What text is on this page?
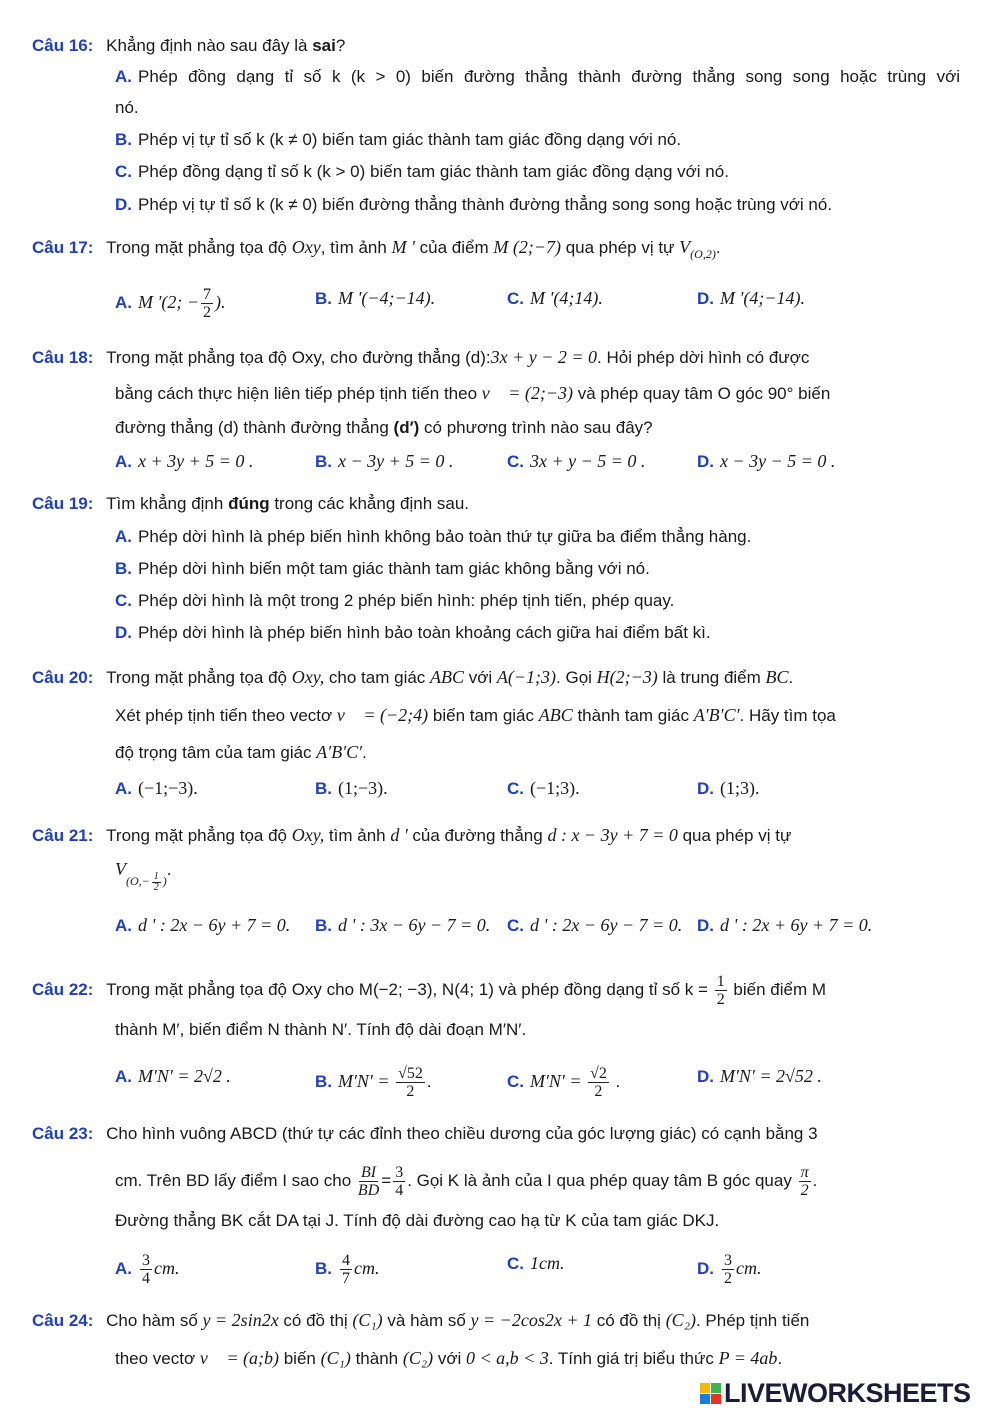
Câu 16: Khẳng định nào sau đây là sai?
A. Phép đồng dạng tỉ số k (k > 0) biến đường thẳng thành đường thẳng song song hoặc trùng với
nó.
B. Phép vị tự tỉ số k (k ≠ 0) biến tam giác thành tam giác đồng dạng với nó.
C. Phép đồng dạng tỉ số k (k > 0) biến tam giác thành tam giác đồng dạng với nó.
D. Phép vị tự tỉ số k (k ≠ 0) biến đường thẳng thành đường thẳng song song hoặc trùng với nó.
Câu 17: Trong mặt phẳng tọa độ Oxy, tìm ảnh M ' của điểm M (2;−7) qua phép vị tự $V_{(O,2)}$.
A. M '(2; − $\frac{7}{2}$ ).	B. M '(−4;−14).	C. M '(4;14).	D. M '(4;−14).
Câu 18: Trong mặt phẳng tọa độ Oxy, cho đường thẳng (d):3x + y − 2 = 0. Hỏi phép dời hình có được
bằng cách thực hiện liên tiếp phép tịnh tiến theo v⃗ = (2;−3) và phép quay tâm O góc 90° biến
đường thẳng (d) thành đường thẳng (d′) có phương trình nào sau đây?
A. x + 3y + 5 = 0 .	B. x − 3y + 5 = 0 .	C. 3x + y − 5 = 0 .	D. x − 3y − 5 = 0 .
Câu 19: Tìm khẳng định đúng trong các khẳng định sau.
A. Phép dời hình là phép biến hình không bảo toàn thứ tự giữa ba điểm thẳng hàng.
B. Phép dời hình biến một tam giác thành tam giác không bằng với nó.
C. Phép dời hình là một trong 2 phép biến hình: phép tịnh tiến, phép quay.
D. Phép dời hình là phép biến hình bảo toàn khoảng cách giữa hai điểm bất kì.
Câu 20: Trong mặt phẳng tọa độ Oxy, cho tam giác ABC với A(−1;3). Gọi H(2;−3) là trung điểm BC.
Xét phép tịnh tiến theo vectơ v⃗ = (−2;4) biến tam giác ABC thành tam giác A′B′C′. Hãy tìm tọa
độ trọng tâm của tam giác A′B′C′.
A. (−1;−3).	B. (1;−3).	C. (−1;3).	D. (1;3).
Câu 21: Trong mặt phẳng tọa độ Oxy, tìm ảnh d ' của đường thẳng d : x − 3y + 7 = 0 qua phép vị tự
$V_{(O,- \frac{1}{2} )}$.
A. d ' : 2x − 6y + 7 = 0. B. d ' : 3x − 6y − 7 = 0. C. d ' : 2x − 6y − 7 = 0. D. d ' : 2x + 6y + 7 = 0.
Câu 22: Trong mặt phẳng tọa độ Oxy cho M(−2; −3), N(4; 1) và phép đồng dạng tỉ số $k = \frac{1}{2}$ biến điểm M
thành M′, biến điểm N thành N′. Tính độ dài đoạn M′N′.
A. M′N′ = 2√2 .	B. $M'N' = \frac{√52}{2}$ .	C. $M'N' = \frac{√2}{2}$ .	D. M′N′ = 2√52 .
Câu 23: Cho hình vuông ABCD (thứ tự các đỉnh theo chiều dương của góc lượng giác) có cạnh bằng 3
cm. Trên BD lấy điểm I sao cho $\frac{BI}{BD} = \frac{3}{4}$ . Gọi K là ảnh của I qua phép quay tâm B góc quay $\frac{\pi}{2}$ .
Đường thẳng BK cắt DA tại J. Tính độ dài đường cao hạ từ K của tam giác DKJ.
A. $\frac{3}{4}$ cm.	B. $\frac{4}{7}$ cm.	C. 1cm.	D. $\frac{3}{2}$ cm.
Câu 24: Cho hàm số y = 2sin2x có đồ thị (C₁) và hàm số y = −2cos2x + 1 có đồ thị (C₂). Phép tịnh tiến
theo vectơ v⃗ = (a;b) biến (C₁) thành (C₂) với 0 < a,b < 3. Tính giá trị biểu thức P = 4ab.
LIVEWORKSHEETS
